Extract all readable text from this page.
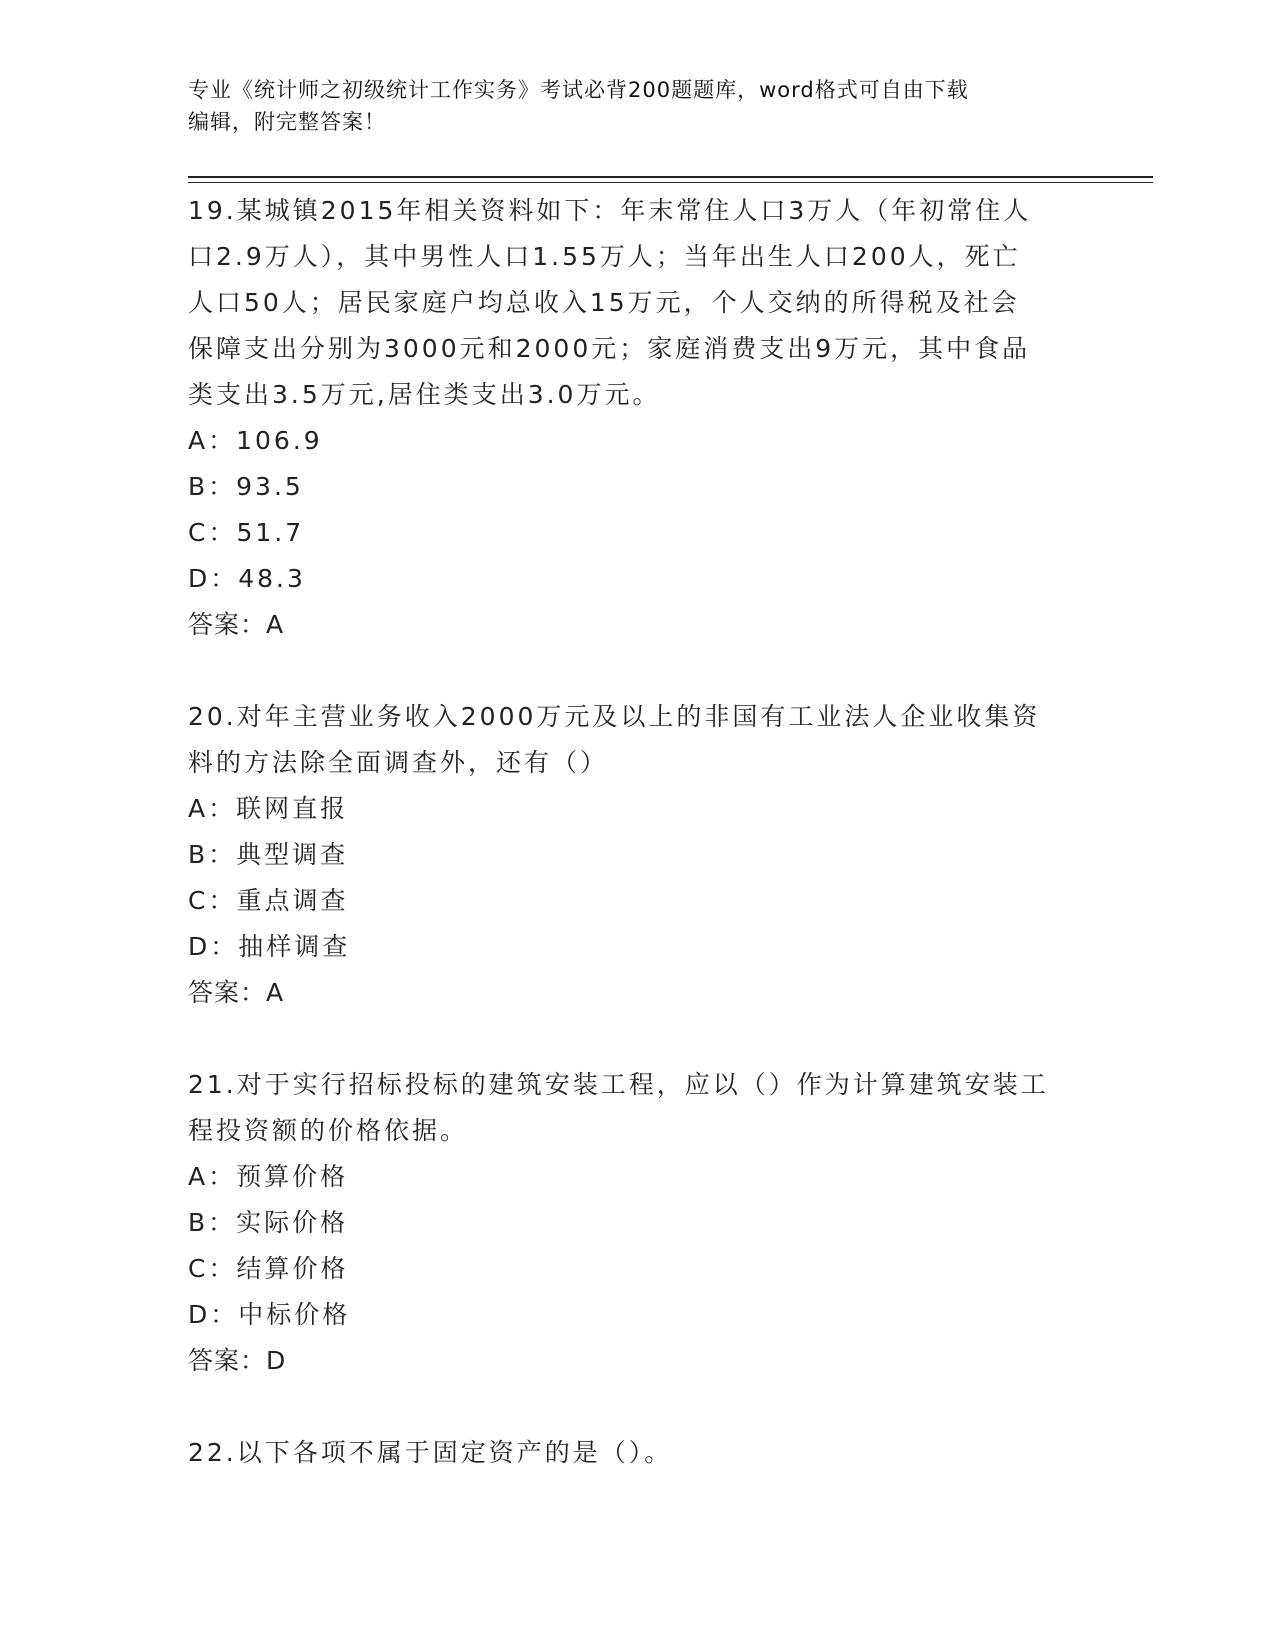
专业《统计师之初级统计工作实务》考试必背200题题库，word格式可自由下载
编辑，附完整答案！
19.某城镇2015年相关资料如下：年末常住人口3万人（年初常住人
口2.9万人），其中男性人口1.55万人；当年出生人口200人，死亡
人口50人；居民家庭户均总收入15万元，个人交纳的所得税及社会
保障支出分别为3000元和2000元；家庭消费支出9万元，其中食品
类支出3.5万元,居住类支出3.0万元。
A：106.9
B：93.5
C：51.7
D：48.3
答案：A
20.对年主营业务收入2000万元及以上的非国有工业法人企业收集资
料的方法除全面调查外，还有（）
A：联网直报
B：典型调查
C：重点调查
D：抽样调查
答案：A
21.对于实行招标投标的建筑安装工程，应以（）作为计算建筑安装工
程投资额的价格依据。
A：预算价格
B：实际价格
C：结算价格
D：中标价格
答案：D
22.以下各项不属于固定资产的是（）。
